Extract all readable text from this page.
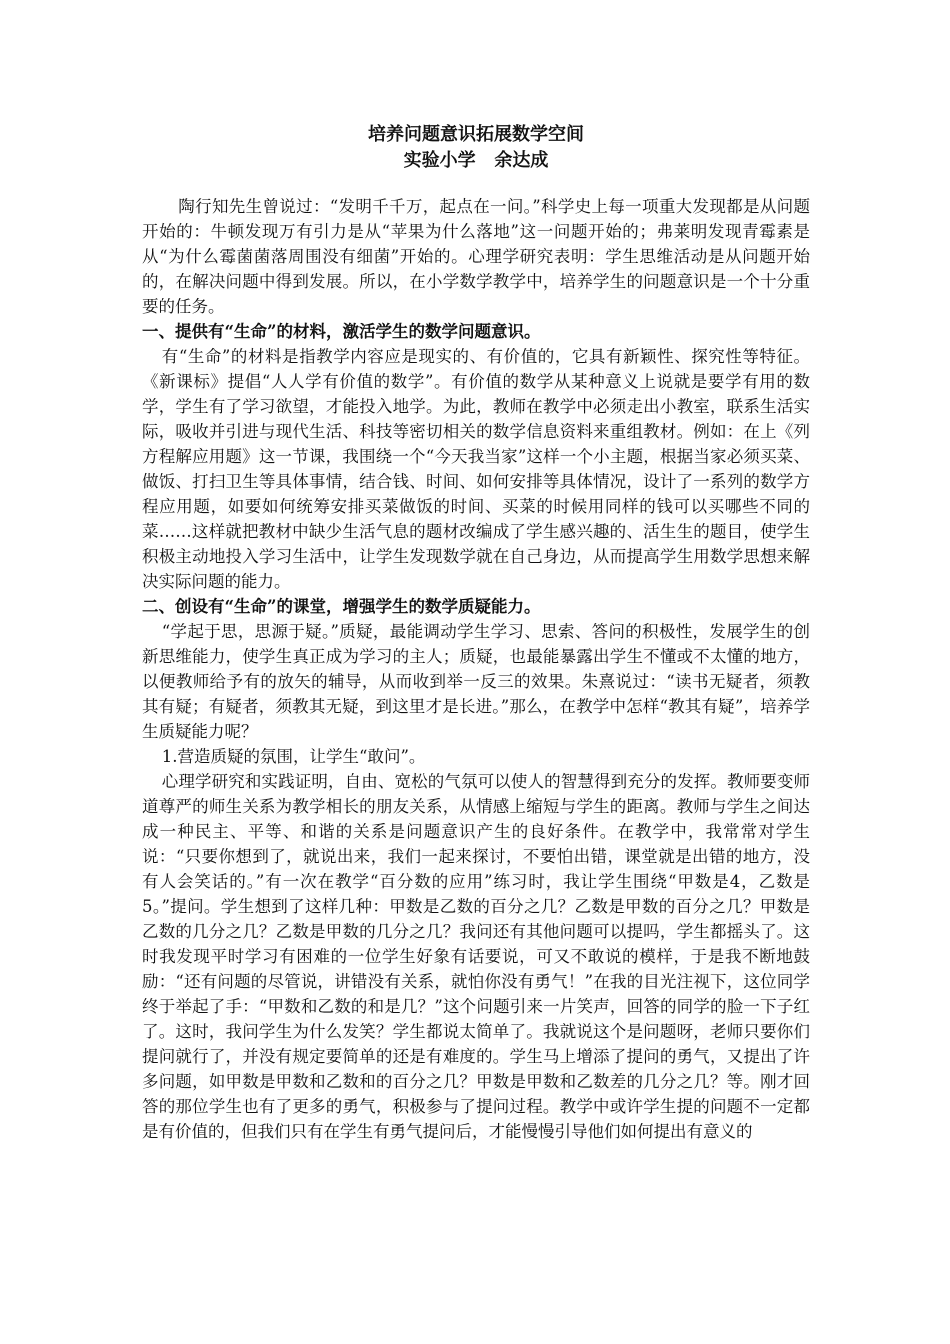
培养问题意识拓展数学空间

实验小学   余达成

陶行知先生曾说过：“发明千千万，起点在一问。”科学史上每一项重大发现都是从问题开始的：牛顿发现万有引力是从“苹果为什么落地”这一问题开始的；弗莱明发现青霉素是从“为什么霉菌菌落周围没有细菌”开始的。心理学研究表明：学生思维活动是从问题开始的，在解决问题中得到发展。所以，在小学数学教学中，培养学生的问题意识是一个十分重要的任务。

一、提供有“生命”的材料，激活学生的数学问题意识。

有“生命”的材料是指教学内容应是现实的、有价值的，它具有新颖性、探究性等特征。《新课标》提倡“人人学有价值的数学”。有价值的数学从某种意义上说就是要学有用的数学，学生有了学习欲望，才能投入地学。为此，教师在教学中必须走出小教室，联系生活实际，吸收并引进与现代生活、科技等密切相关的数学信息资料来重组教材。例如：在上《列方程解应用题》这一节课，我围绕一个“今天我当家”这样一个小主题，根据当家必须买菜、做饭、打扫卫生等具体事情，结合钱、时间、如何安排等具体情况，设计了一系列的数学方程应用题，如要如何统筹安排买菜做饭的时间、买菜的时候用同样的钱可以买哪些不同的菜……这样就把教材中缺少生活气息的题材改编成了学生感兴趣的、活生生的题目，使学生积极主动地投入学习生活中，让学生发现数学就在自己身边，从而提高学生用数学思想来解决实际问题的能力。

二、创设有“生命”的课堂，增强学生的数学质疑能力。

“学起于思，思源于疑。”质疑，最能调动学生学习、思索、答问的积极性，发展学生的创新思维能力，使学生真正成为学习的主人；质疑，也最能暴露出学生不懂或不太懂的地方，以便教师给予有的放矢的辅导，从而收到举一反三的效果。朱熹说过：“读书无疑者，须教其有疑；有疑者，须教其无疑，到这里才是长进。”那么，在教学中怎样“教其有疑”，培养学生质疑能力呢？

1.营造质疑的氛围，让学生“敢问”。

心理学研究和实践证明，自由、宽松的气氛可以使人的智慧得到充分的发挥。教师要变师道尊严的师生关系为教学相长的朋友关系，从情感上缩短与学生的距离。教师与学生之间达成一种民主、平等、和谐的关系是问题意识产生的良好条件。在教学中，我常常对学生说：“只要你想到了，就说出来，我们一起来探讨，不要怕出错，课堂就是出错的地方，没有人会笑话的。”有一次在教学“百分数的应用”练习时，我让学生围绕“甲数是4，乙数是5。”提问。学生想到了这样几种：甲数是乙数的百分之几？乙数是甲数的百分之几？甲数是乙数的几分之几？乙数是甲数的几分之几？我问还有其他问题可以提吗，学生都摇头了。这时我发现平时学习有困难的一位学生好象有话要说，可又不敢说的模样，于是我不断地鼓励：“还有问题的尽管说，讲错没有关系，就怕你没有勇气！”在我的目光注视下，这位同学终于举起了手：“甲数和乙数的和是几？”这个问题引来一片笑声，回答的同学的脸一下子红了。这时，我问学生为什么发笑？学生都说太简单了。我就说这个是问题呀，老师只要你们提问就行了，并没有规定要简单的还是有难度的。学生马上增添了提问的勇气，又提出了许多问题，如甲数是甲数和乙数和的百分之几？甲数是甲数和乙数差的几分之几？等。刚才回答的那位学生也有了更多的勇气，积极参与了提问过程。教学中或许学生提的问题不一定都是有价值的，但我们只有在学生有勇气提问后，才能慢慢引导他们如何提出有意义的
